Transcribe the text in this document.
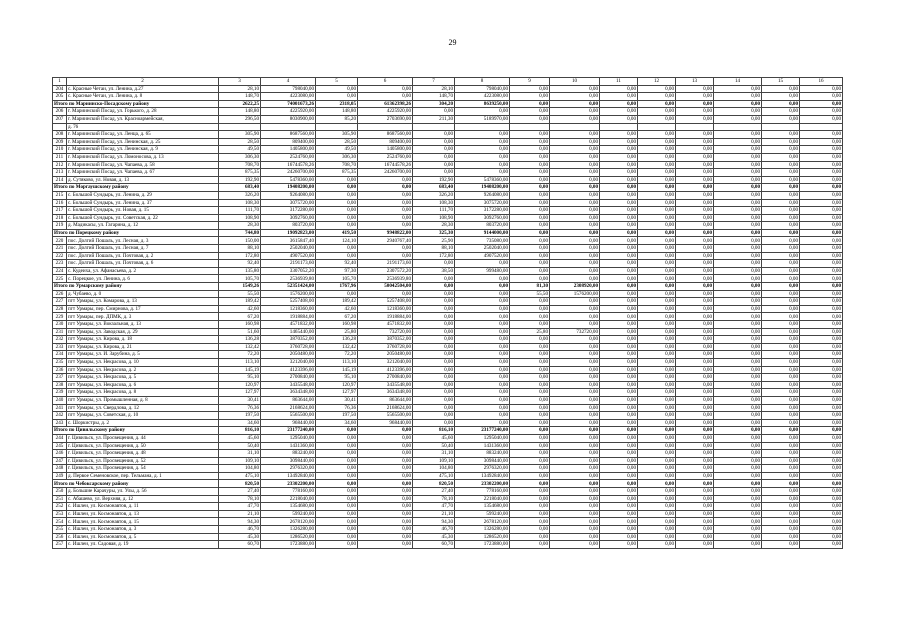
29
1	2	3	4	5	6	7	8	9	10	11	12	13	14	15	16
204	с. Красные Четаи, ул. Ленина, д.27	28,10	798040,00	0,00	0,00	28,10	798040,00	0,00	0,00	0,00	0,00	0,00	0,00	0,00	0,00
205	с. Красные Четаи, ул. Ленина, д. 8	148,70	4223080,00	0,00	0,00	148,70	4223080,00	0,00	0,00	0,00	0,00	0,00	0,00	0,00	0,00
Итого по Мариинско-Посадскому району		2622,25	74001673,26	2318,05	61362398,26	304,20	8639250,00	0,00	0,00	0,00	0,00	0,00	0,00	0,00	0,00
206	г. Мариинский Посад, ул. Горького, д. 28	148,80	4225920,00	148,80	4225920,00	0,00	0,00	0,00	0,00	0,00	0,00	0,00	0,00	0,00	0,00
207	г. Мариинский Посад, ул. Красноармейская,	296,50	8030900,00	85,20	2703690,00	211,30	5189970,00	0,00	0,00	0,00	0,00	0,00	0,00	0,00	0,00
	д. 76														
208	г. Мариинский Посад, ул. Ленца, д. 65	305,90	8687560,00	305,90	8687560,00	0,00	0,00	0,00	0,00	0,00	0,00	0,00	0,00	0,00	0,00
209	г. Мариинский Посад, ул. Ленинская, д. 25	28,50	809400,00	28,50	809400,00	0,00	0,00	0,00	0,00	0,00	0,00	0,00	0,00	0,00	0,00
210	г. Мариинский Посад, ул. Ленинская, д. 9	49,50	1405800,00	49,50	1405800,00	0,00	0,00	0,00	0,00	0,00	0,00	0,00	0,00	0,00	0,00
211	г. Мариинский Посад, ул. Ломоносова, д. 13	306,30	2524760,00	306,30	2524760,00	0,00	0,00	0,00	0,00	0,00	0,00	0,00	0,00	0,00	0,00
212	г. Мариинский Посад, ул. Чапаева, д. 58	708,70	16744578,26	708,70	16744578,26	0,00	0,00	0,00	0,00	0,00	0,00	0,00	0,00	0,00	0,00
213	г. Мариинский Посад, ул. Чапаева, д. 67	875,35	24260700,00	875,35	24260700,00	0,00	0,00	0,00	0,00	0,00	0,00	0,00	0,00	0,00	0,00
214	д. Сутяково, ул. Новая, д. 13	192,90	5478360,00	0,00	0,00	192,90	5478360,00	0,00	0,00	0,00	0,00	0,00	0,00	0,00	0,00
Итого по Моргаушскому району		683,40	19408200,00	0,00	0,00	683,40	19408200,00	0,00	0,00	0,00	0,00	0,00	0,00	0,00	0,00
215	с. Большой Сундырь, ул. Ленина, д. 29	326,20	9264080,00	0,00	0,00	326,20	9264080,00	0,00	0,00	0,00	0,00	0,00	0,00	0,00	0,00
216	с. Большой Сундырь, ул. Ленина, д. 37	108,30	3075720,00	0,00	0,00	108,30	3075720,00	0,00	0,00	0,00	0,00	0,00	0,00	0,00	0,00
217	с. Большой Сундырь, ул. Новая, д. 15	111,70	3172280,00	0,00	0,00	111,70	3172280,00	0,00	0,00	0,00	0,00	0,00	0,00	0,00	0,00
218	с. Большой Сундырь, ул. Советская, д. 22	108,90	3092760,00	0,00	0,00	108,90	3092760,00	0,00	0,00	0,00	0,00	0,00	0,00	0,00	0,00
219	д. Мадикасы, ул. Гагарина, д. 12	28,30	803720,00	0,00	0,00	28,30	803720,00	0,00	0,00	0,00	0,00	0,00	0,00	0,00	0,00
Итого по Порецкому району		744,80	19092823,00	419,50	9948822,00	325,30	9144000,00	0,00	0,00	0,00	0,00	0,00	0,00	0,00	0,00
220	пос. Долгий Пошаль, ул. Лесная, д. 3	150,00	3615847,40	124,10	2940767,40	25,90	735080,00	0,00	0,00	0,00	0,00	0,00	0,00	0,00	0,00
221	пос. Долгий Пошаль, ул. Лесная, д. 7	88,10	2502040,00	0,00	0,00	88,10	2502040,00	0,00	0,00	0,00	0,00	0,00	0,00	0,00	0,00
222	пос. Долгий Пошаль, ул. Почтовая, д. 2	172,80	4907520,00	0,00	0,00	172,80	4907520,00	0,00	0,00	0,00	0,00	0,00	0,00	0,00	0,00
223	пос. Долгий Пошаль, ул. Почтовая, д. 6	92,40	2191173,60	92,40	2191173,60	0,00	0,00	0,00	0,00	0,00	0,00	0,00	0,00	0,00	0,00
224	с. Кудеиха, ул. Афанасьева, д. 2	135,80	3307052,20	97,30	2307572,20	38,50	999480,00	0,00	0,00	0,00	0,00	0,00	0,00	0,00	0,00
225	с. Порецкое, ул. Ленина, д. 6	105,70	2536939,80	105,70	2536939,80	0,00	0,00	0,00	0,00	0,00	0,00	0,00	0,00	0,00	0,00
Итого по Урмарскому району		1549,26	52351424,00	1767,96	50042504,00	0,00	0,00	81,30	2308920,00	0,00	0,00	0,00	0,00	0,00	0,00
226	д. Чубаево, д. 0	55,50	1576200,00	0,00	0,00	0,00	0,00	55,50	1576200,00	0,00	0,00	0,00	0,00	0,00	0,00
227	пгт Урмары, ул. Комарова, д. 13	189,42	5257408,00	189,42	5257408,00	0,00	0,00	0,00	0,00	0,00	0,00	0,00	0,00	0,00	0,00
228	пгт Урмары, пер. Смирнова, д. 17	42,60	1218360,00	42,60	1218360,00	0,00	0,00	0,00	0,00	0,00	0,00	0,00	0,00	0,00	0,00
229	пгт Урмары, пер. ДПМК, д. 3	67,20	1918884,00	67,20	1918884,00	0,00	0,00	0,00	0,00	0,00	0,00	0,00	0,00	0,00	0,00
230	пгт Урмары, ул. Вокзальная, д. 13	160,98	4571832,00	160,98	4571832,00	0,00	0,00	0,00	0,00	0,00	0,00	0,00	0,00	0,00	0,00
231	пгт Урмары, ул. Заводская, д. 29	51,60	1465440,00	25,80	732720,00	0,00	0,00	25,80	732720,00	0,00	0,00	0,00	0,00	0,00	0,00
232	пгт Урмары, ул. Кирова, д. 18	136,28	3870352,00	136,28	3870352,00	0,00	0,00	0,00	0,00	0,00	0,00	0,00	0,00	0,00	0,00
233	пгт Урмары, ул. Кирова, д. 21	132,42	3760728,00	132,42	3760728,00	0,00	0,00	0,00	0,00	0,00	0,00	0,00	0,00	0,00	0,00
234	пгт Урмары, ул. И. Зарубина, д. 5	72,20	2050480,00	72,20	2050480,00	0,00	0,00	0,00	0,00	0,00	0,00	0,00	0,00	0,00	0,00
235	пгт Урмары, ул. Некрасова, д. 10	113,10	3212040,00	113,10	3212040,00	0,00	0,00	0,00	0,00	0,00	0,00	0,00	0,00	0,00	0,00
236	пгт Урмары, ул. Некрасова, д. 2	145,19	4123396,00	145,19	4123396,00	0,00	0,00	0,00	0,00	0,00	0,00	0,00	0,00	0,00	0,00
237	пгт Урмары, ул. Некрасова, д. 5	95,10	2700840,00	95,10	2700840,00	0,00	0,00	0,00	0,00	0,00	0,00	0,00	0,00	0,00	0,00
238	пгт Урмары, ул. Некрасова, д. 6	120,97	3435548,00	120,97	3435548,00	0,00	0,00	0,00	0,00	0,00	0,00	0,00	0,00	0,00	0,00
239	пгт Урмары, ул. Некрасова, д. 8	127,97	3634348,00	127,97	3634348,00	0,00	0,00	0,00	0,00	0,00	0,00	0,00	0,00	0,00	0,00
240	пгт Урмары, ул. Промышленная, д. 8	30,41	863644,00	30,41	863644,00	0,00	0,00	0,00	0,00	0,00	0,00	0,00	0,00	0,00	0,00
241	пгт Урмары, ул. Свердлова, д. 12	76,36	2168624,00	76,36	2168624,00	0,00	0,00	0,00	0,00	0,00	0,00	0,00	0,00	0,00	0,00
242	пгт Урмары, ул. Советская, д. 10	197,50	5565500,00	197,50	5565500,00	0,00	0,00	0,00	0,00	0,00	0,00	0,00	0,00	0,00	0,00
243	с. Шоркистры, д. 2	34,60	968440,00	34,60	968440,00	0,00	0,00	0,00	0,00	0,00	0,00	0,00	0,00	0,00	0,00
Итого по Цивильскому району		816,10	23177240,00	0,00	0,00	816,10	23177240,00	0,00	0,00	0,00	0,00	0,00	0,00	0,00	0,00
244	г. Цивильск, ул. Просвещения, д. 44	45,60	1295040,00	0,00	0,00	45,60	1295040,00	0,00	0,00	0,00	0,00	0,00	0,00	0,00	0,00
245	г. Цивильск, ул. Просвещения, д. 50	50,40	1431360,00	0,00	0,00	50,40	1431360,00	0,00	0,00	0,00	0,00	0,00	0,00	0,00	0,00
246	г. Цивильск, ул. Просвещения, д. 48	31,10	883240,00	0,00	0,00	31,10	883240,00	0,00	0,00	0,00	0,00	0,00	0,00	0,00	0,00
247	г. Цивильск, ул. Просвещения, д. 52	109,10	3098440,00	0,00	0,00	109,10	3098440,00	0,00	0,00	0,00	0,00	0,00	0,00	0,00	0,00
248	г. Цивильск, ул. Просвещения, д. 54	104,80	2976320,00	0,00	0,00	104,80	2976320,00	0,00	0,00	0,00	0,00	0,00	0,00	0,00	0,00
249	д. Первое Семеновское, пер. Тельмана, д. 1	475,10	13492840,00	0,00	0,00	475,10	13492840,00	0,00	0,00	0,00	0,00	0,00	0,00	0,00	0,00
Итого по Чебоксарскому району		820,50	23302200,00	0,00	0,00	820,50	23302200,00	0,00	0,00	0,00	0,00	0,00	0,00	0,00	0,00
250	д. Большие Карачуры, ул. Улы, д. 56	27,40	778160,00	0,00	0,00	27,40	778160,00	0,00	0,00	0,00	0,00	0,00	0,00	0,00	0,00
251	с. Абашево, ул. Верхняя, д. 12	78,10	2218040,00	0,00	0,00	78,10	2218040,00	0,00	0,00	0,00	0,00	0,00	0,00	0,00	0,00
252	с. Ишлеи, ул. Космонавтов, д. 11	47,70	1354680,00	0,00	0,00	47,70	1354680,00	0,00	0,00	0,00	0,00	0,00	0,00	0,00	0,00
253	с. Ишлеи, ул. Космонавтов, д. 13	21,10	599240,00	0,00	0,00	21,10	599240,00	0,00	0,00	0,00	0,00	0,00	0,00	0,00	0,00
254	с. Ишлеи, ул. Космонавтов, д. 15	94,30	2678120,00	0,00	0,00	94,30	2678120,00	0,00	0,00	0,00	0,00	0,00	0,00	0,00	0,00
255	с. Ишлеи, ул. Космонавтов, д. 3	46,70	1326280,00	0,00	0,00	46,70	1326280,00	0,00	0,00	0,00	0,00	0,00	0,00	0,00	0,00
256	с. Ишлеи, ул. Космонавтов, д. 5	45,30	1286520,00	0,00	0,00	45,30	1286520,00	0,00	0,00	0,00	0,00	0,00	0,00	0,00	0,00
257	с. Ишлеи, ул. Садовая, д. 19	60,70	1723880,00	0,00	0,00	60,70	1723880,00	0,00	0,00	0,00	0,00	0,00	0,00	0,00	0,00
